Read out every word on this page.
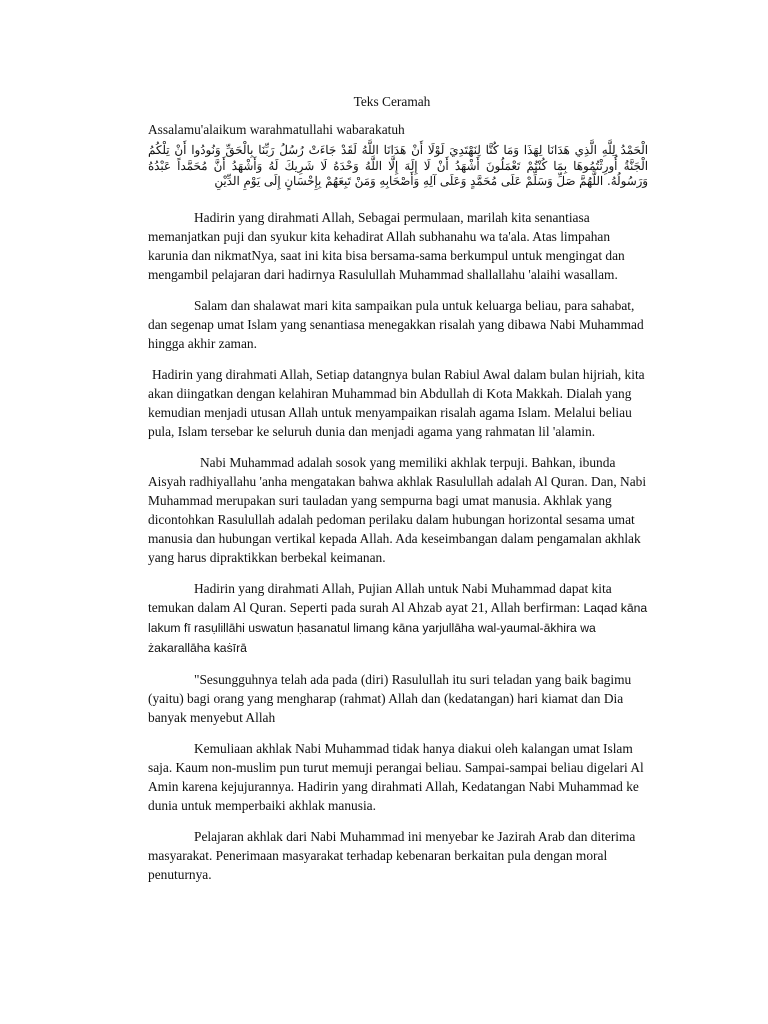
Teks Ceramah
Assalamu'alaikum warahmatullahi wabarakatuh
الْحَمْدُ لِلَّهِ الَّذِي هَدَانَا لِهَذَا وَمَا كُنَّا لِنَهْتَدِيَ لَوْلَا أَنْ هَدَانَا اللَّهُ لَقَدْ جَاءَتْ رُسُلُ رَبِّنَا بِالْحَقِّ وَنُودُوا أَنْ تِلْكُمُ الْجَنَّةُ أُورِثْتُمُوهَا بِمَا كُنْتُمْ تَعْمَلُونَ أَشْهَدُ أَنْ لَا إِلَهَ إِلَّا اللَّهُ وَحْدَهُ لَا شَرِيكَ لَهُ وَأَشْهَدُ أَنَّ مُحَمَّداً عَبْدُهُ وَرَسُولُهُ. اللَّهُمَّ صَلِّ وَسَلِّمْ عَلَى مُحَمَّدٍ وَعَلَى آلِهِ وَأَصْحَابِهِ وَمَنْ تَبِعَهُمْ بِإِحْسَانٍ إِلَى يَوْمِ الدِّيْنِ

Hadirin yang dirahmati Allah, Sebagai permulaan, marilah kita senantiasa memanjatkan puji dan syukur kita kehadirat Allah subhanahu wa ta'ala. Atas limpahan karunia dan nikmatNya, saat ini kita bisa bersama-sama berkumpul untuk mengingat dan mengambil pelajaran dari hadirnya Rasulullah Muhammad shallallahu 'alaihi wasallam.

Salam dan shalawat mari kita sampaikan pula untuk keluarga beliau, para sahabat, dan segenap umat Islam yang senantiasa menegakkan risalah yang dibawa Nabi Muhammad hingga akhir zaman.

Hadirin yang dirahmati Allah, Setiap datangnya bulan Rabiul Awal dalam bulan hijriah, kita akan diingatkan dengan kelahiran Muhammad bin Abdullah di Kota Makkah. Dialah yang kemudian menjadi utusan Allah untuk menyampaikan risalah agama Islam. Melalui beliau pula, Islam tersebar ke seluruh dunia dan menjadi agama yang rahmatan lil 'alamin.

Nabi Muhammad adalah sosok yang memiliki akhlak terpuji. Bahkan, ibunda Aisyah radhiyallahu 'anha mengatakan bahwa akhlak Rasulullah adalah Al Quran. Dan, Nabi Muhammad merupakan suri tauladan yang sempurna bagi umat manusia. Akhlak yang dicontohkan Rasulullah adalah pedoman perilaku dalam hubungan horizontal sesama umat manusia dan hubungan vertikal kepada Allah. Ada keseimbangan dalam pengamalan akhlak yang harus dipraktikkan berbekal keimanan.

Hadirin yang dirahmati Allah, Pujian Allah untuk Nabi Muhammad dapat kita temukan dalam Al Quran. Seperti pada surah Al Ahzab ayat 21, Allah berfirman: Laqad kāna lakum fī rasụlillāhi uswatun ḥasanatul limang kāna yarjullāha wal-yaumal-ākhira wa żakarallāha kaṡīrā

"Sesungguhnya telah ada pada (diri) Rasulullah itu suri teladan yang baik bagimu (yaitu) bagi orang yang mengharap (rahmat) Allah dan (kedatangan) hari kiamat dan Dia banyak menyebut Allah

Kemuliaan akhlak Nabi Muhammad tidak hanya diakui oleh kalangan umat Islam saja. Kaum non-muslim pun turut memuji perangai beliau. Sampai-sampai beliau digelari Al Amin karena kejujurannya. Hadirin yang dirahmati Allah, Kedatangan Nabi Muhammad ke dunia untuk memperbaiki akhlak manusia.

Pelajaran akhlak dari Nabi Muhammad ini menyebar ke Jazirah Arab dan diterima masyarakat. Penerimaan masyarakat terhadap kebenaran berkaitan pula dengan moral penuturnya.
